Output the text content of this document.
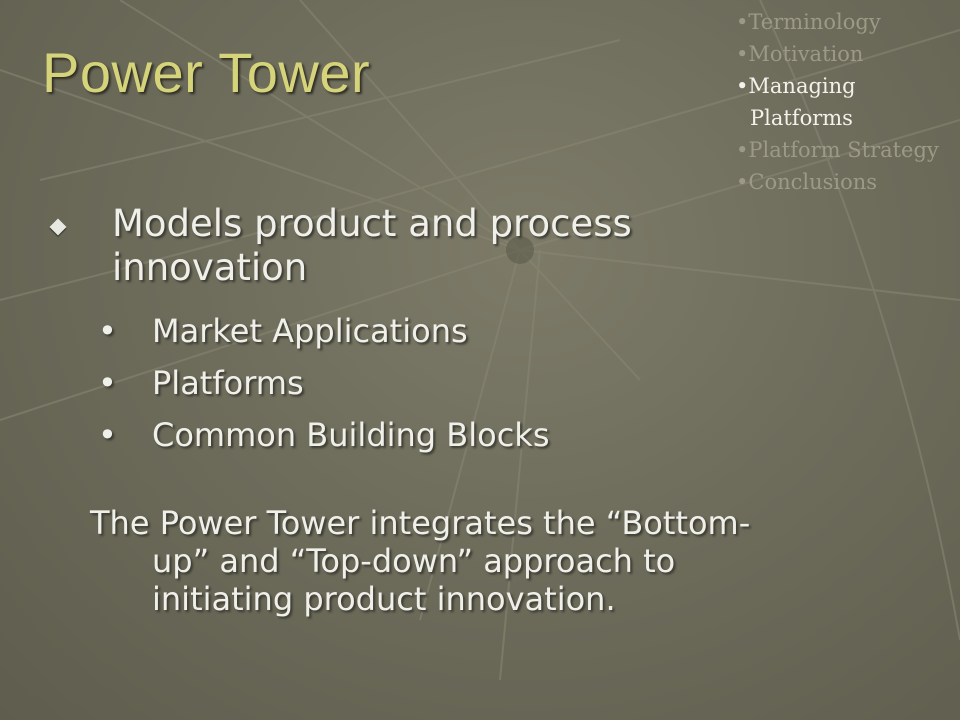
Power Tower
•Terminology
•Motivation
•Managing
Platforms
•Platform Strategy
•Conclusions

Models product and process innovation

• Market Applications
• Platforms
• Common Building Blocks

The Power Tower integrates the “Bottom-
up” and “Top-down” approach to
initiating product innovation.
